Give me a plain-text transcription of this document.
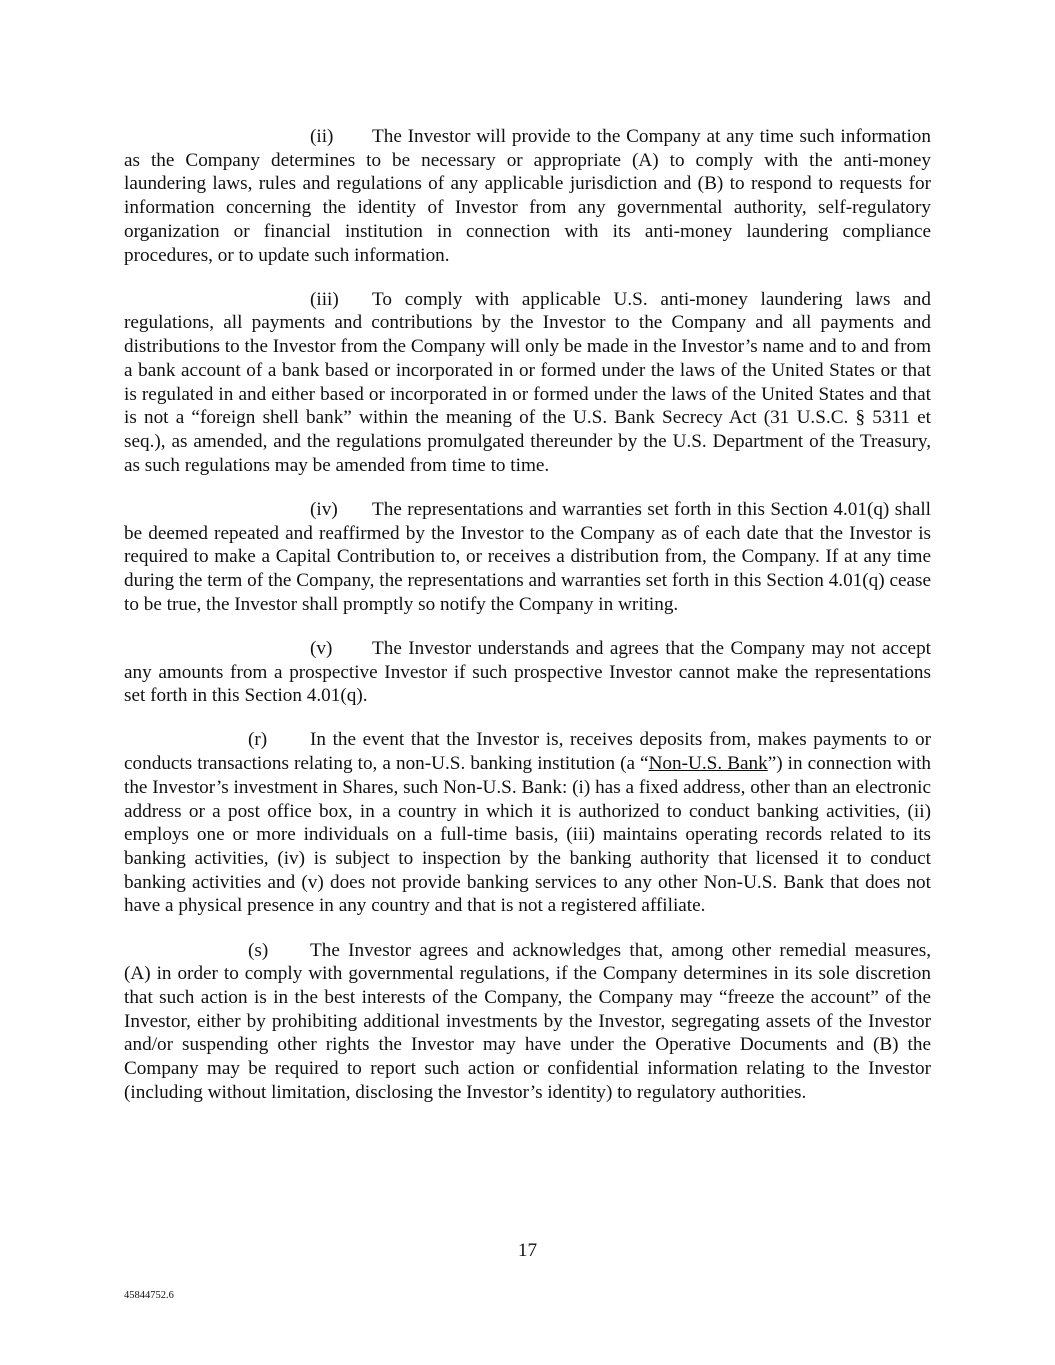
(ii) The Investor will provide to the Company at any time such information as the Company determines to be necessary or appropriate (A) to comply with the anti-money laundering laws, rules and regulations of any applicable jurisdiction and (B) to respond to requests for information concerning the identity of Investor from any governmental authority, self-regulatory organization or financial institution in connection with its anti-money laundering compliance procedures, or to update such information.

(iii) To comply with applicable U.S. anti-money laundering laws and regulations, all payments and contributions by the Investor to the Company and all payments and distributions to the Investor from the Company will only be made in the Investor’s name and to and from a bank account of a bank based or incorporated in or formed under the laws of the United States or that is regulated in and either based or incorporated in or formed under the laws of the United States and that is not a “foreign shell bank” within the meaning of the U.S. Bank Secrecy Act (31 U.S.C. § 5311 et seq.), as amended, and the regulations promulgated thereunder by the U.S. Department of the Treasury, as such regulations may be amended from time to time.

(iv) The representations and warranties set forth in this Section 4.01(q) shall be deemed repeated and reaffirmed by the Investor to the Company as of each date that the Investor is required to make a Capital Contribution to, or receives a distribution from, the Company. If at any time during the term of the Company, the representations and warranties set forth in this Section 4.01(q) cease to be true, the Investor shall promptly so notify the Company in writing.

(v) The Investor understands and agrees that the Company may not accept any amounts from a prospective Investor if such prospective Investor cannot make the representations set forth in this Section 4.01(q).

(r) In the event that the Investor is, receives deposits from, makes payments to or conducts transactions relating to, a non-U.S. banking institution (a “Non-U.S. Bank”) in connection with the Investor’s investment in Shares, such Non-U.S. Bank: (i) has a fixed address, other than an electronic address or a post office box, in a country in which it is authorized to conduct banking activities, (ii) employs one or more individuals on a full-time basis, (iii) maintains operating records related to its banking activities, (iv) is subject to inspection by the banking authority that licensed it to conduct banking activities and (v) does not provide banking services to any other Non-U.S. Bank that does not have a physical presence in any country and that is not a registered affiliate.

(s) The Investor agrees and acknowledges that, among other remedial measures, (A) in order to comply with governmental regulations, if the Company determines in its sole discretion that such action is in the best interests of the Company, the Company may “freeze the account” of the Investor, either by prohibiting additional investments by the Investor, segregating assets of the Investor and/or suspending other rights the Investor may have under the Operative Documents and (B) the Company may be required to report such action or confidential information relating to the Investor (including without limitation, disclosing the Investor’s identity) to regulatory authorities.

17
45844752.6
